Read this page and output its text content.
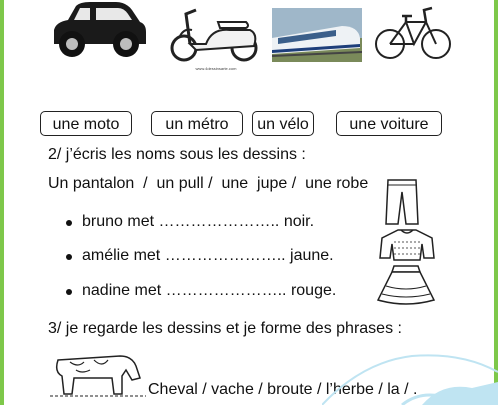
www.4dessinsarte.com
une moto	un métro	un vélo	une voiture
2/ j’écris les noms sous les dessins :
Un pantalon  /  un pull /  une  jupe /  une robe
bruno met ………………….. noir.
amélie met ………………….. jaune.
nadine met ………………….. rouge.
3/ je regarde les dessins et je forme des phrases :
Cheval / vache / broute / l’herbe / la / .
